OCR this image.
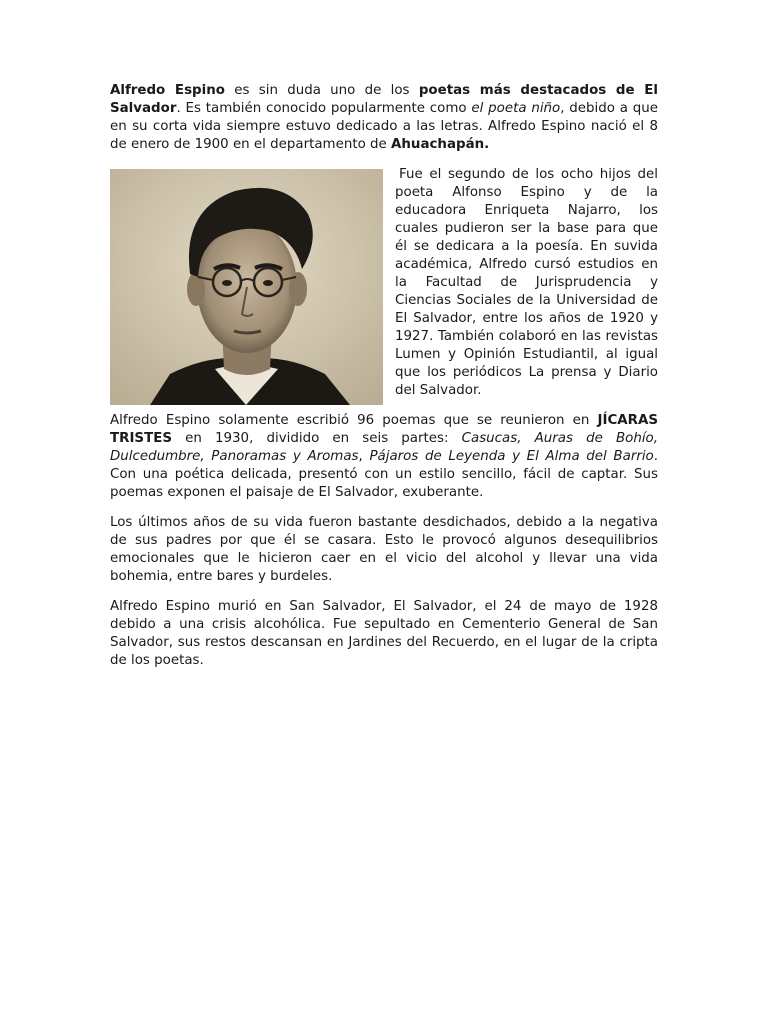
Alfredo Espino es sin duda uno de los poetas más destacados de El Salvador. Es también conocido popularmente como el poeta niño, debido a que en su corta vida siempre estuvo dedicado a las letras. Alfredo Espino nació el 8 de enero de 1900 en el departamento de Ahuachapán.

Fue el segundo de los ocho hijos del poeta Alfonso Espino y de la educadora Enriqueta Najarro, los cuales pudieron ser la base para que él se dedicara a la poesía. En suvida académica, Alfredo cursó estudios en la Facultad de Jurisprudencia y Ciencias Sociales de la Universidad de El Salvador, entre los años de 1920 y 1927. También colaboró en las revistas Lumen y Opinión Estudiantil, al igual que los periódicos La prensa y Diario del Salvador.

Alfredo Espino solamente escribió 96 poemas que se reunieron en JÍCARAS TRISTES en 1930, dividido en seis partes: Casucas, Auras de Bohío, Dulcedumbre, Panoramas y Aromas, Pájaros de Leyenda y El Alma del Barrio. Con una poética delicada, presentó con un estilo sencillo, fácil de captar. Sus poemas exponen el paisaje de El Salvador, exuberante.

Los últimos años de su vida fueron bastante desdichados, debido a la negativa de sus padres por que él se casara. Esto le provocó algunos desequilibrios emocionales que le hicieron caer en el vicio del alcohol y llevar una vida bohemia, entre bares y burdeles.

Alfredo Espino murió en San Salvador, El Salvador, el 24 de mayo de 1928 debido a una crisis alcohólica. Fue sepultado en Cementerio General de San Salvador, sus restos descansan en Jardines del Recuerdo, en el lugar de la cripta de los poetas.
